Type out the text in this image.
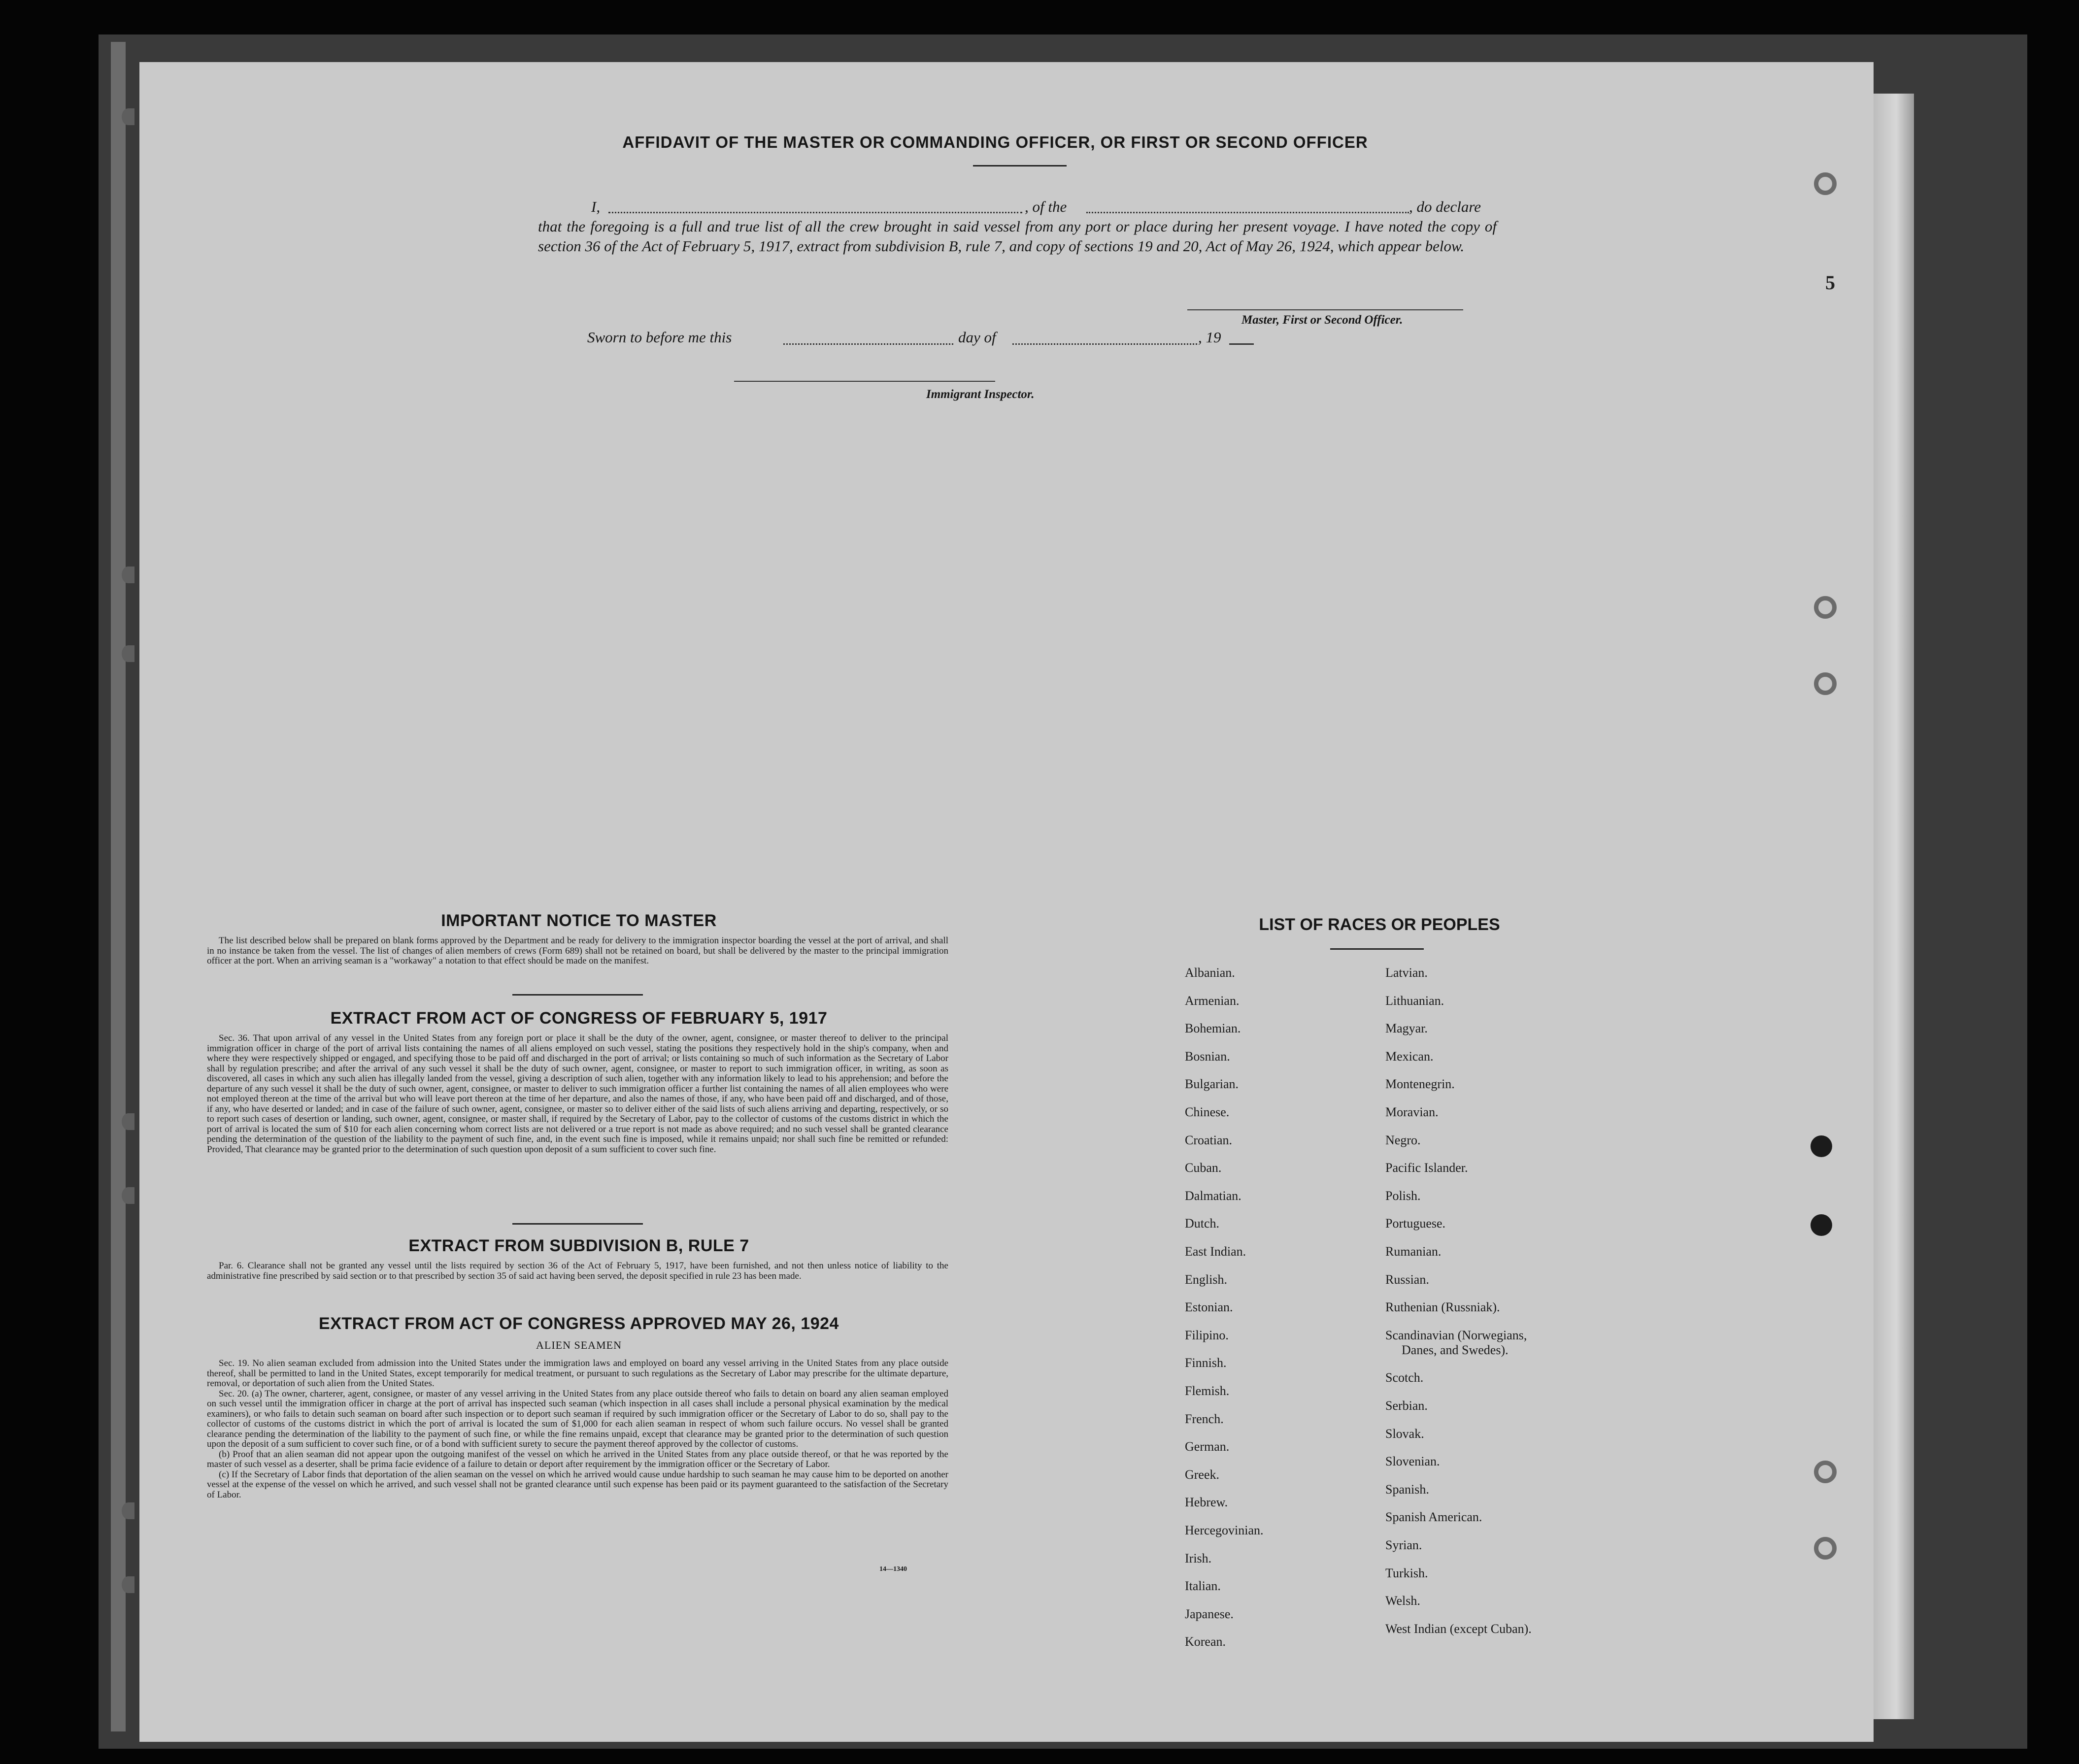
5
AFFIDAVIT OF THE MASTER OR COMMANDING OFFICER, OR FIRST OR SECOND OFFICER
I,	, of the	, do declare
that the foregoing is a full and true list of all the crew brought in said vessel from any port or place during her present voyage. I have noted the copy of section 36 of the Act of February 5, 1917, extract from subdivision B, rule 7, and copy of sections 19 and 20, Act of May 26, 1924, which appear below.
Master, First or Second Officer.
Sworn to before me this	day of	, 19
Immigrant Inspector.
IMPORTANT NOTICE TO MASTER

The list described below shall be prepared on blank forms approved by the Department and be ready for delivery to the immigration inspector boarding the vessel at the port of arrival, and shall in no instance be taken from the vessel. The list of changes of alien members of crews (Form 689) shall not be retained on board, but shall be delivered by the master to the principal immigration officer at the port. When an arriving seaman is a "workaway" a notation to that effect should be made on the manifest.

EXTRACT FROM ACT OF CONGRESS OF FEBRUARY 5, 1917

Sec. 36. That upon arrival of any vessel in the United States from any foreign port or place it shall be the duty of the owner, agent, consignee, or master thereof to deliver to the principal immigration officer in charge of the port of arrival lists containing the names of all aliens employed on such vessel, stating the positions they respectively hold in the ship's company, when and where they were respectively shipped or engaged, and specifying those to be paid off and discharged in the port of arrival; or lists containing so much of such information as the Secretary of Labor shall by regulation prescribe; and after the arrival of any such vessel it shall be the duty of such owner, agent, consignee, or master to report to such immigration officer, in writing, as soon as discovered, all cases in which any such alien has illegally landed from the vessel, giving a description of such alien, together with any information likely to lead to his apprehension; and before the departure of any such vessel it shall be the duty of such owner, agent, consignee, or master to deliver to such immigration officer a further list containing the names of all alien employees who were not employed thereon at the time of the arrival but who will leave port thereon at the time of her departure, and also the names of those, if any, who have been paid off and discharged, and of those, if any, who have deserted or landed; and in case of the failure of such owner, agent, consignee, or master so to deliver either of the said lists of such aliens arriving and departing, respectively, or so to report such cases of desertion or landing, such owner, agent, consignee, or master shall, if required by the Secretary of Labor, pay to the collector of customs of the customs district in which the port of arrival is located the sum of $10 for each alien concerning whom correct lists are not delivered or a true report is not made as above required; and no such vessel shall be granted clearance pending the determination of the question of the liability to the payment of such fine, and, in the event such fine is imposed, while it remains unpaid; nor shall such fine be remitted or refunded: Provided, That clearance may be granted prior to the determination of such question upon deposit of a sum sufficient to cover such fine.

EXTRACT FROM SUBDIVISION B, RULE 7

Par. 6. Clearance shall not be granted any vessel until the lists required by section 36 of the Act of February 5, 1917, have been furnished, and not then unless notice of liability to the administrative fine prescribed by said section or to that prescribed by section 35 of said act having been served, the deposit specified in rule 23 has been made.

EXTRACT FROM ACT OF CONGRESS APPROVED MAY 26, 1924
ALIEN SEAMEN

Sec. 19. No alien seaman excluded from admission into the United States under the immigration laws and employed on board any vessel arriving in the United States from any place outside thereof, shall be permitted to land in the United States, except temporarily for medical treatment, or pursuant to such regulations as the Secretary of Labor may prescribe for the ultimate departure, removal, or deportation of such alien from the United States.

Sec. 20. (a) The owner, charterer, agent, consignee, or master of any vessel arriving in the United States from any place outside thereof who fails to detain on board any alien seaman employed on such vessel until the immigration officer in charge at the port of arrival has inspected such seaman (which inspection in all cases shall include a personal physical examination by the medical examiners), or who fails to detain such seaman on board after such inspection or to deport such seaman if required by such immigration officer or the Secretary of Labor to do so, shall pay to the collector of customs of the customs district in which the port of arrival is located the sum of $1,000 for each alien seaman in respect of whom such failure occurs. No vessel shall be granted clearance pending the determination of the liability to the payment of such fine, or while the fine remains unpaid, except that clearance may be granted prior to the determination of such question upon the deposit of a sum sufficient to cover such fine, or of a bond with sufficient surety to secure the payment thereof approved by the collector of customs.

(b) Proof that an alien seaman did not appear upon the outgoing manifest of the vessel on which he arrived in the United States from any place outside thereof, or that he was reported by the master of such vessel as a deserter, shall be prima facie evidence of a failure to detain or deport after requirement by the immigration officer or the Secretary of Labor.

(c) If the Secretary of Labor finds that deportation of the alien seaman on the vessel on which he arrived would cause undue hardship to such seaman he may cause him to be deported on another vessel at the expense of the vessel on which he arrived, and such vessel shall not be granted clearance until such expense has been paid or its payment guaranteed to the satisfaction of the Secretary of Labor.

14—1340
LIST OF RACES OR PEOPLES
Albanian.
Armenian.
Bohemian.
Bosnian.
Bulgarian.
Chinese.
Croatian.
Cuban.
Dalmatian.
Dutch.
East Indian.
English.
Estonian.
Filipino.
Finnish.
Flemish.
French.
German.
Greek.
Hebrew.
Hercegovinian.
Irish.
Italian.
Japanese.
Korean.
Latvian.
Lithuanian.
Magyar.
Mexican.
Montenegrin.
Moravian.
Negro.
Pacific Islander.
Polish.
Portuguese.
Rumanian.
Russian.
Ruthenian (Russniak).
Scandinavian (Norwegians,
Danes, and Swedes).
Scotch.
Serbian.
Slovak.
Slovenian.
Spanish.
Spanish American.
Syrian.
Turkish.
Welsh.
West Indian (except Cuban).
